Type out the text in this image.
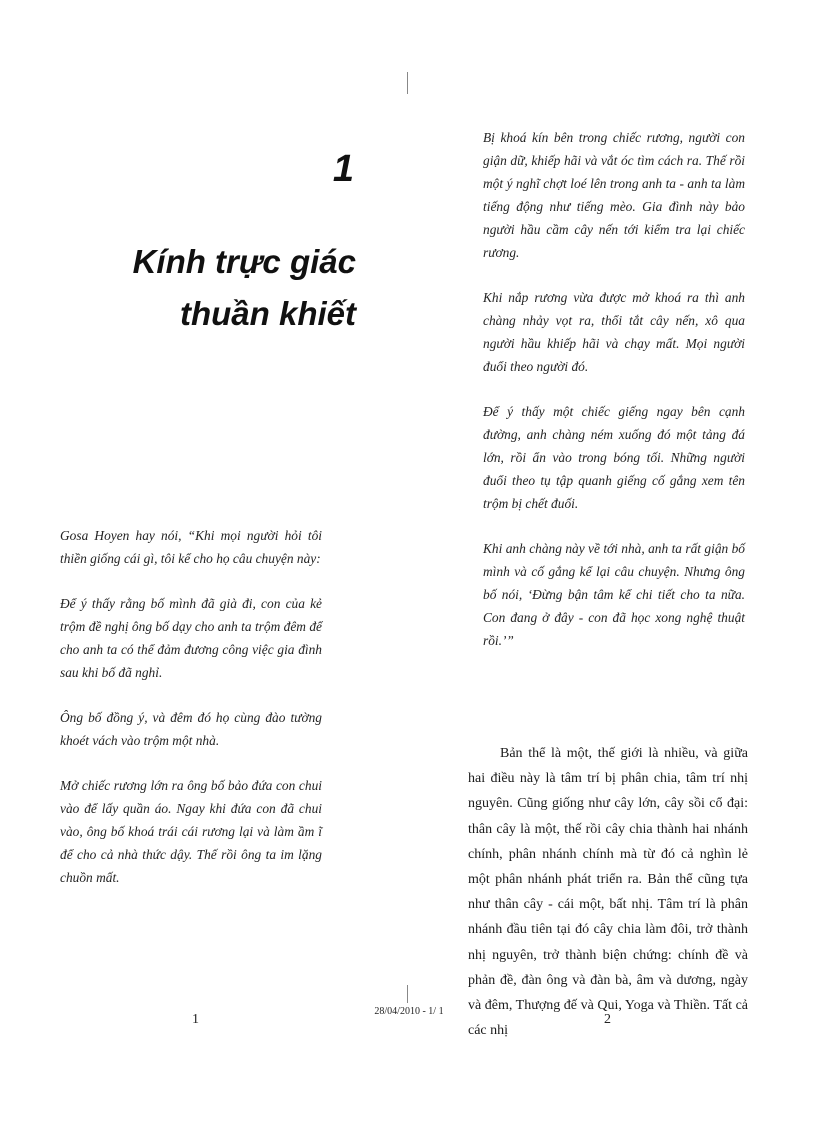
1
Kính trực giác thuần khiết

Gosa Hoyen hay nói, “Khi mọi người hỏi tôi thiền giống cái gì, tôi kể cho họ câu chuyện này:

Để ý thấy rằng bố mình đã già đi, con của kẻ trộm đề nghị ông bố dạy cho anh ta trộm đêm để cho anh ta có thể đảm đương công việc gia đình sau khi bố đã nghỉ.

Ông bố đồng ý, và đêm đó họ cùng đào tường khoét vách vào trộm một nhà.

Mở chiếc rương lớn ra ông bố bảo đứa con chui vào để lấy quần áo. Ngay khi đứa con đã chui vào, ông bố khoá trái cái rương lại và làm ầm ĩ để cho cả nhà thức dậy. Thế rồi ông ta im lặng chuồn mất.

Bị khoá kín bên trong chiếc rương, người con giận dữ, khiếp hãi và vắt óc tìm cách ra. Thế rồi một ý nghĩ chợt loé lên trong anh ta - anh ta làm tiếng động như tiếng mèo. Gia đình này bảo người hầu cầm cây nến tới kiểm tra lại chiếc rương.

Khi nắp rương vừa được mở khoá ra thì anh chàng nhảy vọt ra, thổi tắt cây nến, xô qua người hầu khiếp hãi và chạy mất. Mọi người đuổi theo người đó.

Để ý thấy một chiếc giếng ngay bên cạnh đường, anh chàng ném xuống đó một tảng đá lớn, rồi ẩn vào trong bóng tối. Những người đuổi theo tụ tập quanh giếng cố gắng xem tên trộm bị chết đuối.

Khi anh chàng này về tới nhà, anh ta rất giận bố mình và cố gắng kể lại câu chuyện. Nhưng ông bố nói, ‘Đừng bận tâm kể chi tiết cho ta nữa. Con đang ở đây - con đã học xong nghệ thuật rồi.’”

Bản thể là một, thế giới là nhiều, và giữa hai điều này là tâm trí bị phân chia, tâm trí nhị nguyên. Cũng giống như cây lớn, cây sồi cổ đại: thân cây là một, thế rồi cây chia thành hai nhánh chính, phân nhánh chính mà từ đó cả nghìn lẻ một phân nhánh phát triển ra. Bản thể cũng tựa như thân cây - cái một, bất nhị. Tâm trí là phân nhánh đầu tiên tại đó cây chia làm đôi, trở thành nhị nguyên, trở thành biện chứng: chính đề và phản đề, đàn ông và đàn bà, âm và dương, ngày và đêm, Thượng đế và Qui, Yoga và Thiền. Tất cả các nhị

1
28/04/2010 - 1/ 1
2
